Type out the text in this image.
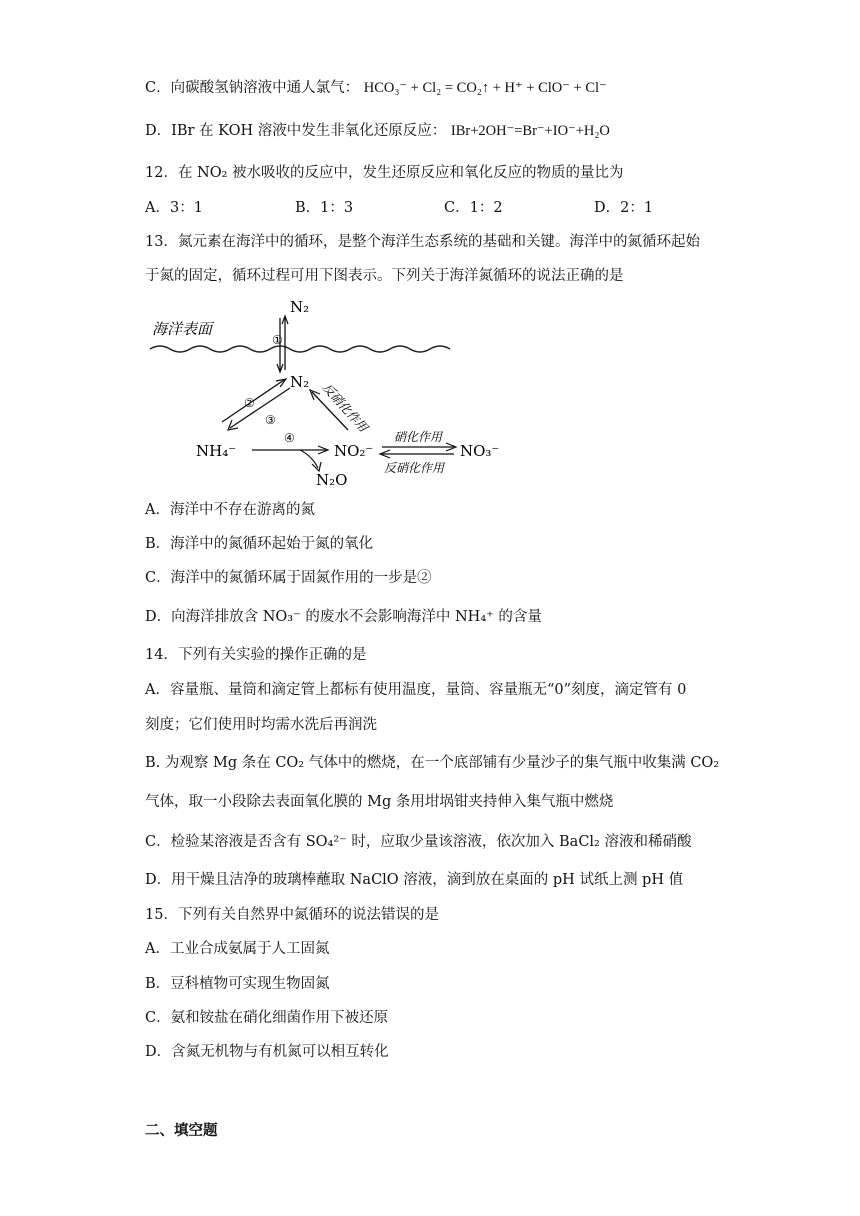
C．向碳酸氢钠溶液中通人氯气： HCO₃⁻ + Cl₂ = CO₂↑ + H⁺ + ClO⁻ + Cl⁻
D．IBr 在 KOH 溶液中发生非氧化还原反应： IBr+2OH⁻=Br⁻+IO⁻+H₂O
12．在 NO₂ 被水吸收的反应中，发生还原反应和氧化反应的物质的量比为
A．3：1	B．1：3	C．1：2	D．2：1
13．氮元素在海洋中的循环，是整个海洋生态系统的基础和关键。海洋中的氮循环起始
于氮的固定，循环过程可用下图表示。下列关于海洋氮循环的说法正确的是
海洋表面
N₂
N₂
①
②
③	反硝化作用
NH₄⁻
④
NO₂⁻
N₂O
硝化作用
反硝化作用
NO₃⁻
A．海洋中不存在游离的氮
B．海洋中的氮循环起始于氮的氧化
C．海洋中的氮循环属于固氮作用的一步是②
D．向海洋排放含 NO₃⁻ 的废水不会影响海洋中 NH₄⁺ 的含量
14．下列有关实验的操作正确的是
A．容量瓶、量筒和滴定管上都标有使用温度，量筒、容量瓶无“0”刻度，滴定管有 0
刻度；它们使用时均需水洗后再润洗
B. 为观察 Mg 条在 CO₂ 气体中的燃烧，在一个底部铺有少量沙子的集气瓶中收集满 CO₂
气体，取一小段除去表面氧化膜的 Mg 条用坩埚钳夹持伸入集气瓶中燃烧
C．检验某溶液是否含有 SO₄²⁻ 时，应取少量该溶液，依次加入 BaCl₂ 溶液和稀硝酸
D．用干燥且洁净的玻璃棒蘸取 NaClO 溶液，滴到放在桌面的 pH 试纸上测 pH 值
15．下列有关自然界中氮循环的说法错误的是
A．工业合成氨属于人工固氮
B．豆科植物可实现生物固氮
C．氨和铵盐在硝化细菌作用下被还原
D．含氮无机物与有机氮可以相互转化
二、填空题
